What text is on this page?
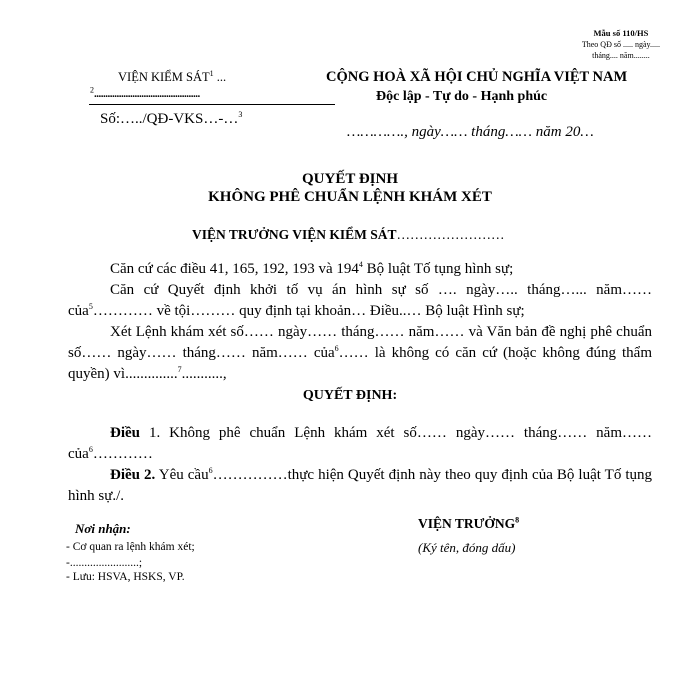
Mẫu số 110/HS
Theo QĐ số ..... ngày.....
tháng.... năm........
VIỆN KIỂM SÁT$^1$ ...
$^2$...............................................
Số:…../QĐ-VKS…-…$^3$
CỘNG HOÀ XÃ HỘI CHỦ NGHĨA VIỆT NAM
Độc lập - Tự do - Hạnh phúc
…………., ngày…… tháng…… năm 20…
QUYẾT ĐỊNH
KHÔNG PHÊ CHUẨN LỆNH KHÁM XÉT
VIỆN TRƯỞNG VIỆN KIỂM SÁT……………………

Căn cứ các điều 41, 165, 192, 193 và $194^4$ Bộ luật Tố tụng hình sự;

Căn cứ Quyết định khởi tố vụ án hình sự số …. ngày….. tháng…... năm…… của$^5$………… về tội……… quy định tại khoản… Điều..… Bộ luật Hình sự;

Xét Lệnh khám xét số…… ngày…… tháng…… năm…… và Văn bản đề nghị phê chuẩn số…… ngày…… tháng…… năm…… của$^6$…… là không có căn cứ (hoặc không đúng thẩm quyền) vì..............$^7$...........,

QUYẾT ĐỊNH:

Điều 1. Không phê chuẩn Lệnh khám xét số…… ngày…… tháng…… năm…… của$^6$…………

Điều 2. Yêu cầu$^6$……………thực hiện Quyết định này theo quy định của Bộ luật Tố tụng hình sự./.

Nơi nhận:
- Cơ quan ra lệnh khám xét;
-........................;
- Lưu: HSVA, HSKS, VP.
VIỆN TRƯỞNG$^8$
(Ký tên, đóng dấu)
